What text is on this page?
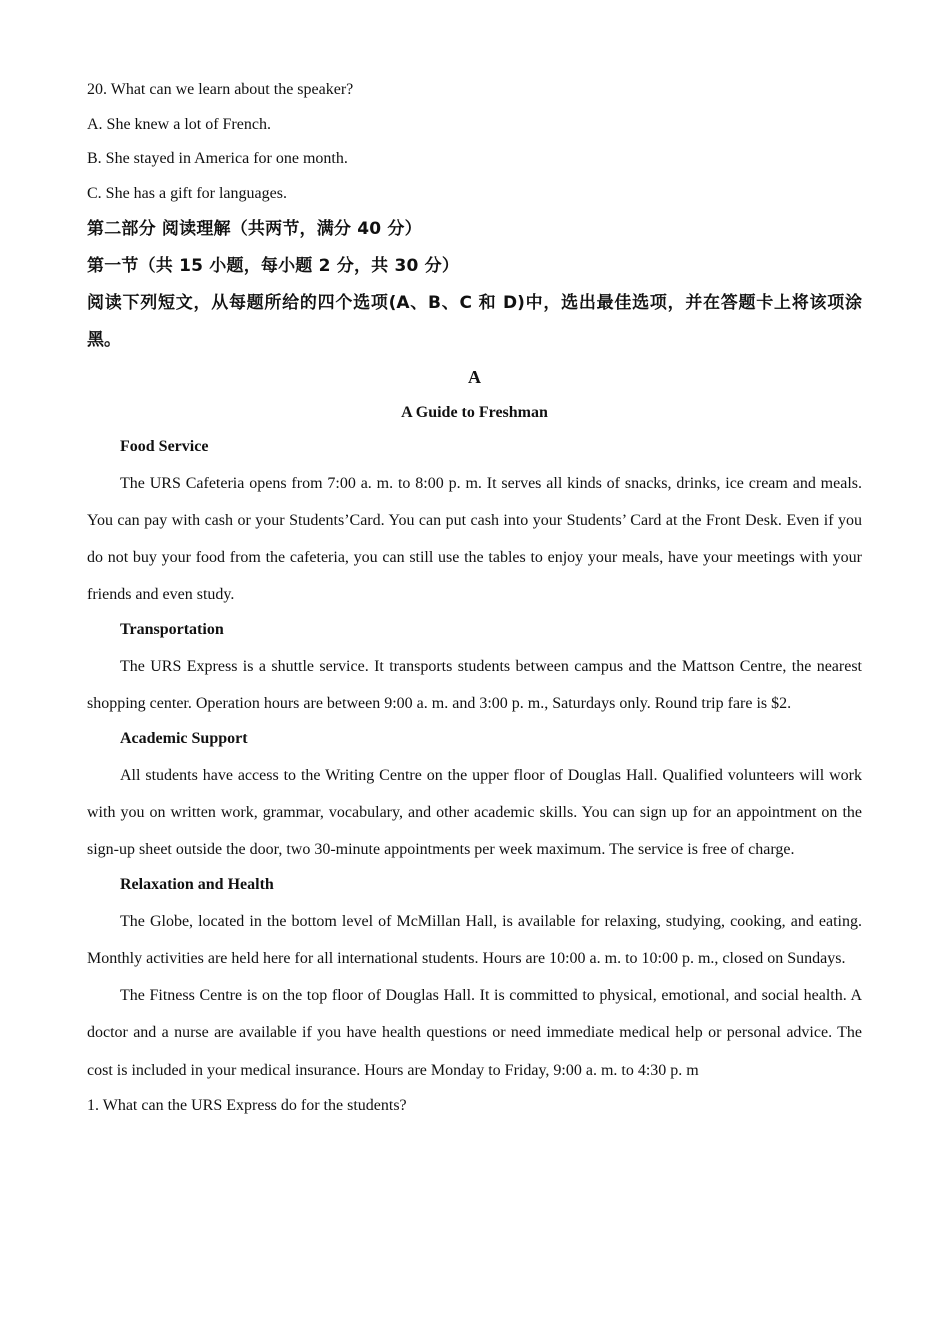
20. What can we learn about the speaker?

A. She knew a lot of French.

B. She stayed in America for one month.

C. She has a gift for languages.

第二部分 阅读理解（共两节，满分 40 分）

第一节（共 15 小题，每小题 2 分，共 30 分）

阅读下列短文，从每题所给的四个选项(A、B、C 和 D)中，选出最佳选项，并在答题卡上将该项涂黑。

A

A Guide to Freshman

Food Service

The URS Cafeteria opens from 7:00 a. m. to 8:00 p. m. It serves all kinds of snacks, drinks, ice cream and meals. You can pay with cash or your Students’Card. You can put cash into your Students’ Card at the Front Desk. Even if you do not buy your food from the cafeteria, you can still use the tables to enjoy your meals, have your meetings with your friends and even study.

Transportation

The URS Express is a shuttle service. It transports students between campus and the Mattson Centre, the nearest shopping center. Operation hours are between 9:00 a. m. and 3:00 p. m., Saturdays only. Round trip fare is $2.

Academic Support

All students have access to the Writing Centre on the upper floor of Douglas Hall. Qualified volunteers will work with you on written work, grammar, vocabulary, and other academic skills. You can sign up for an appointment on the sign-up sheet outside the door, two 30-minute appointments per week maximum. The service is free of charge.

Relaxation and Health

The Globe, located in the bottom level of McMillan Hall, is available for relaxing, studying, cooking, and eating. Monthly activities are held here for all international students. Hours are 10:00 a. m. to 10:00 p. m., closed on Sundays.

The Fitness Centre is on the top floor of Douglas Hall. It is committed to physical, emotional, and social health. A doctor and a nurse are available if you have health questions or need immediate medical help or personal advice. The cost is included in your medical insurance. Hours are Monday to Friday, 9:00 a. m. to 4:30 p. m

1. What can the URS Express do for the students?
